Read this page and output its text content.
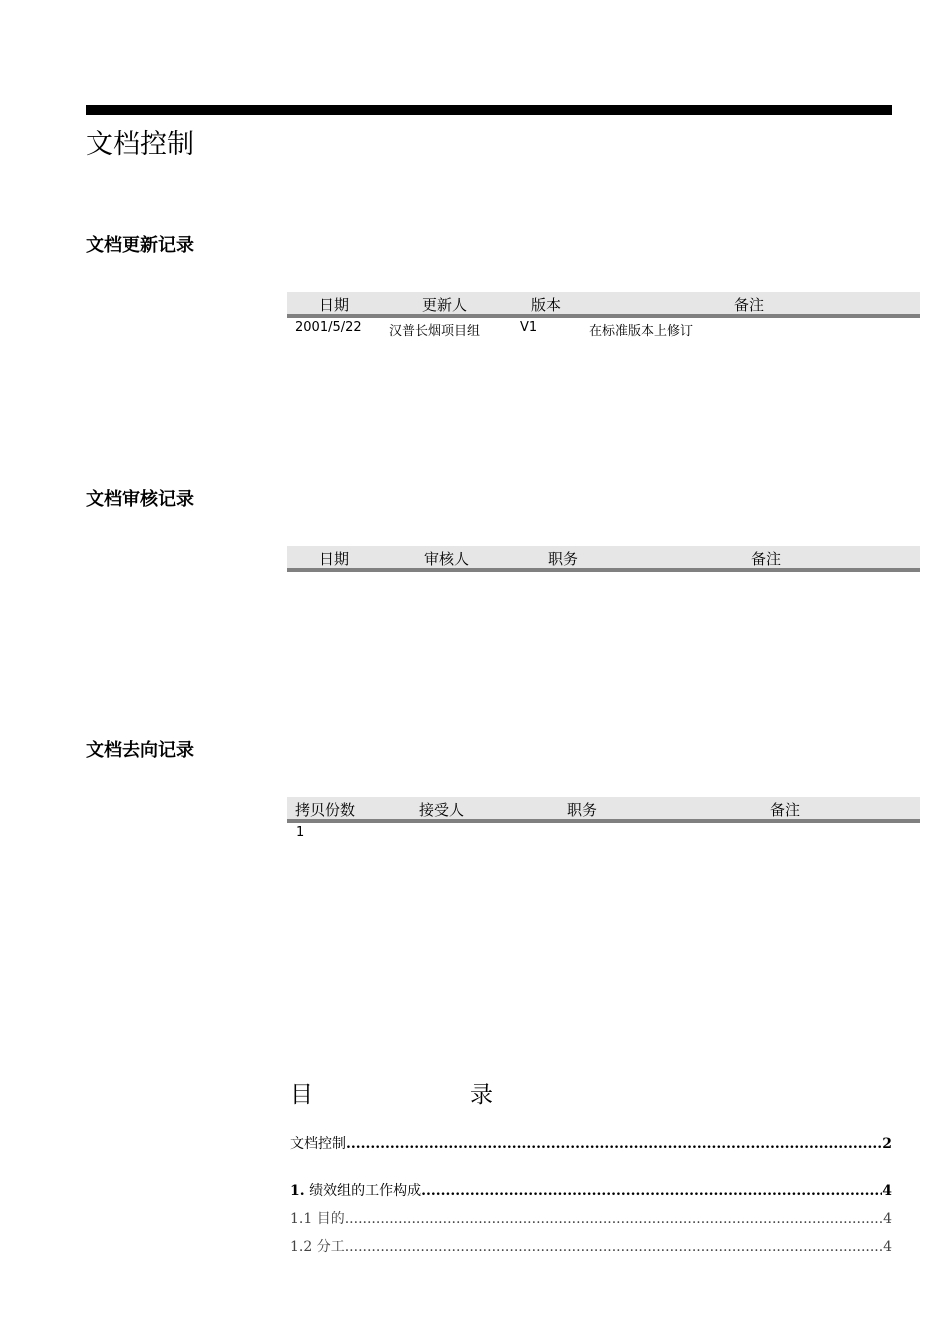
文档控制
文档更新记录
日期	更新人	版本	备注
2001/5/22 汉普长烟项目组	V1	在标准版本上修订
文档审核记录
日期	审核人	职务	备注
文档去向记录
拷贝份数	接受人	职务	备注
1
目	录
文档控制 .....	2
1. 绩效组的工作构成 .....	4
1.1 目的 .....	4
1.2 分工 .....	4
